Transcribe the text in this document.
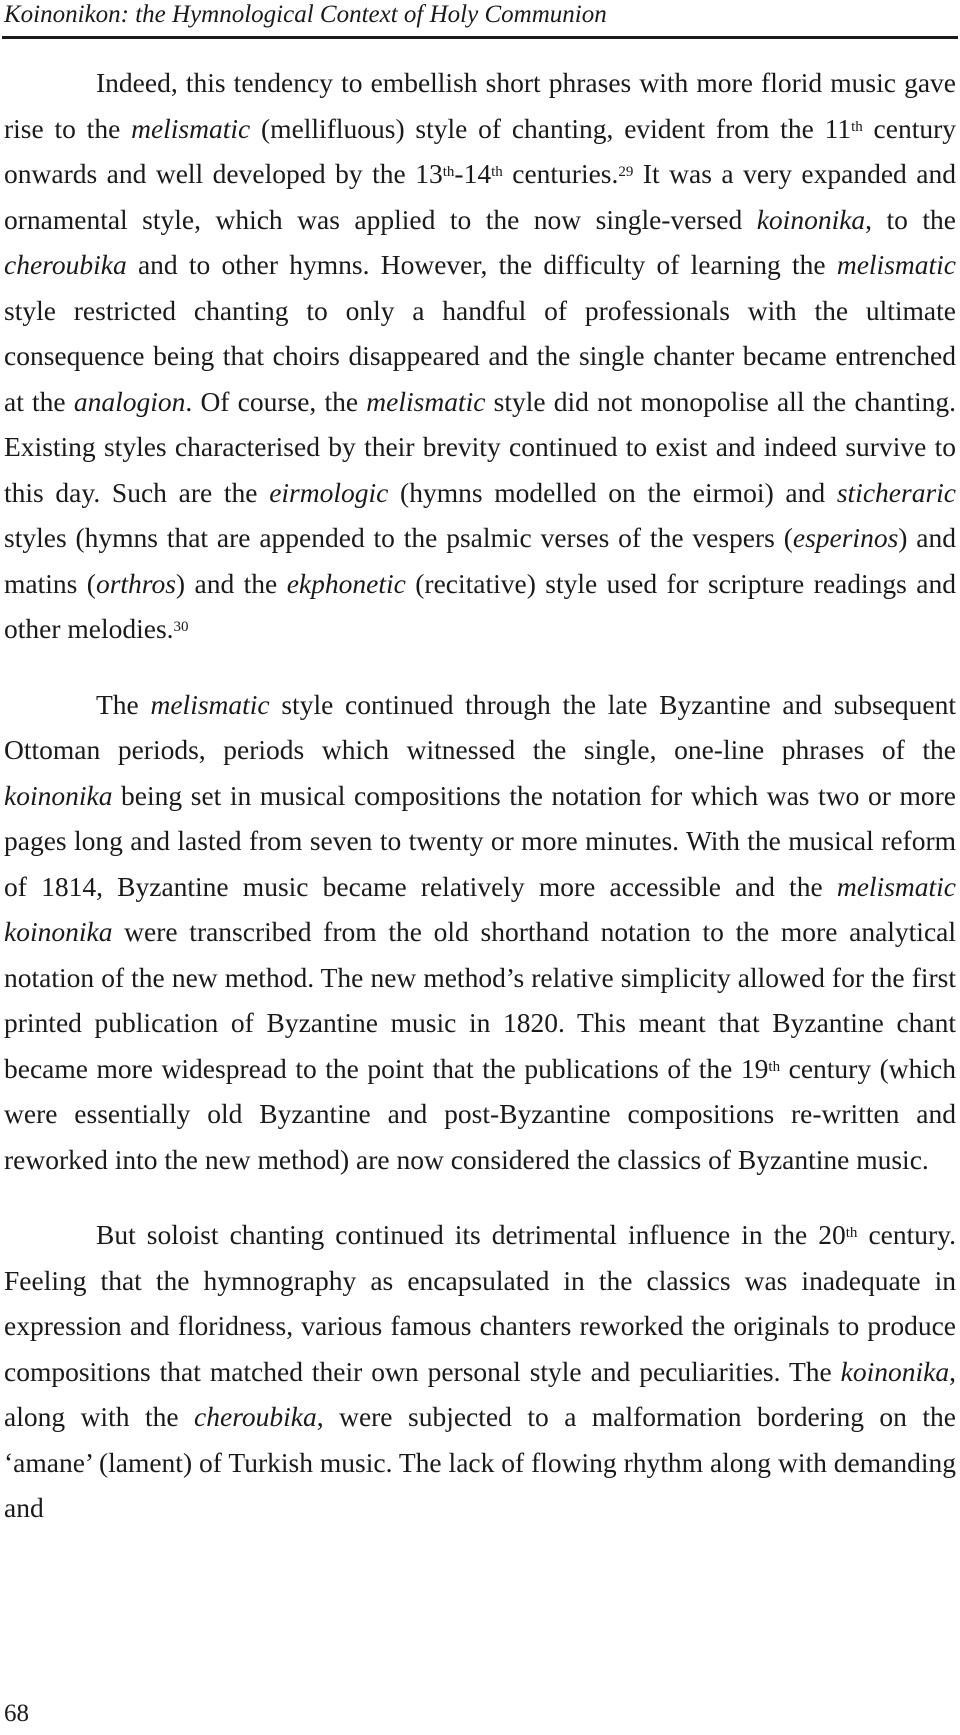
Koinonikon: the Hymnological Context of Holy Communion

Indeed, this tendency to embellish short phrases with more florid music gave rise to the melismatic (mellifluous) style of chanting, evident from the 11th century onwards and well developed by the 13th-14th centuries.$^{29}$ It was a very expanded and ornamental style, which was applied to the now single-versed koinonika, to the cheroubika and to other hymns. However, the difficulty of learning the melismatic style restricted chanting to only a handful of professionals with the ultimate consequence being that choirs disappeared and the single chanter became entrenched at the analogion. Of course, the melismatic style did not monopolise all the chanting. Existing styles characterised by their brevity continued to exist and indeed survive to this day. Such are the eirmologic (hymns modelled on the eirmoi) and sticheraric styles (hymns that are appended to the psalmic verses of the vespers (esperinos) and matins (orthros) and the ekphonetic (recitative) style used for scripture readings and other melodies.$^{30}$

The melismatic style continued through the late Byzantine and subsequent Ottoman periods, periods which witnessed the single, one-line phrases of the koinonika being set in musical compositions the notation for which was two or more pages long and lasted from seven to twenty or more minutes. With the musical reform of 1814, Byzantine music became relatively more accessible and the melismatic koinonika were transcribed from the old shorthand notation to the more analytical notation of the new method. The new method’s relative simplicity allowed for the first printed publication of Byzantine music in 1820. This meant that Byzantine chant became more widespread to the point that the publications of the 19th century (which were essentially old Byzantine and post-Byzantine compositions re-written and reworked into the new method) are now considered the classics of Byzantine music.

But soloist chanting continued its detrimental influence in the 20th century. Feeling that the hymnography as encapsulated in the classics was inadequate in expression and floridness, various famous chanters reworked the originals to produce compositions that matched their own personal style and peculiarities. The koinonika, along with the cheroubika, were subjected to a malformation bordering on the ‘amane’ (lament) of Turkish music. The lack of flowing rhythm along with demanding and

68
